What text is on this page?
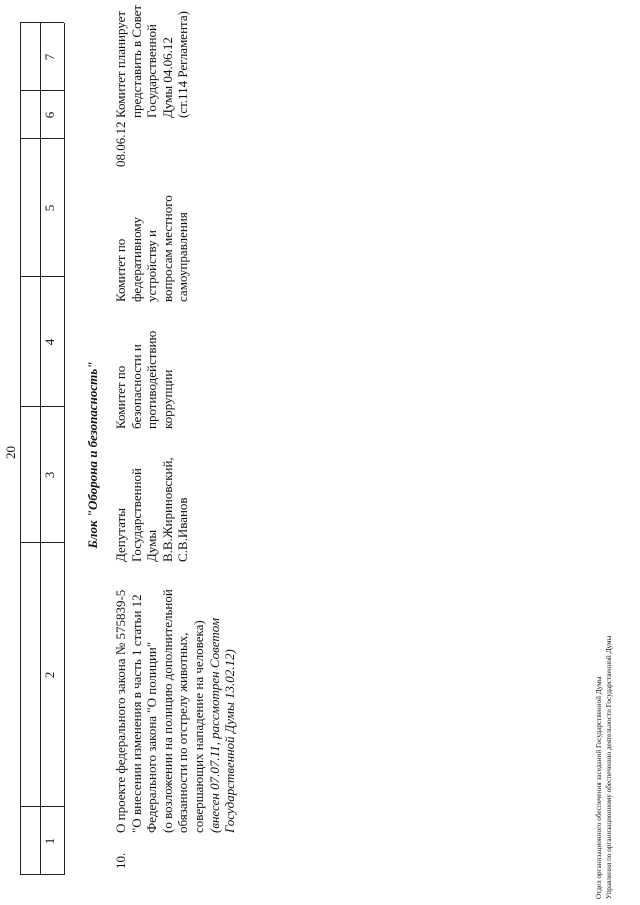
20
1
2
3
4
5
6
7
Блок "Оборона и безопасность"
10.
О проекте федерального закона № 575839-5 "О внесении изменения в часть 1 статьи 12 Федерального закона "О полиции" (о возложении на полицию дополнительной обязанности по отстрелу животных, совершающих нападение на человека) (внесен 07.07.11, рассмотрен Советом Государственной Думы 13.02.12)
Депутаты Государственной Думы В.В.Жириновский, С.В.Иванов
Комитет по безопасности и противодействию коррупции
Комитет по федеративному устройству и вопросам местного самоуправления
08.06.12
Комитет планирует представить в Совет Государственной Думы 04.06.12 (ст.114 Регламента)
Отдел организационного обеспечения заседаний Государственной Думы Управления по организационному обеспечению деятельности Государственной Думы
